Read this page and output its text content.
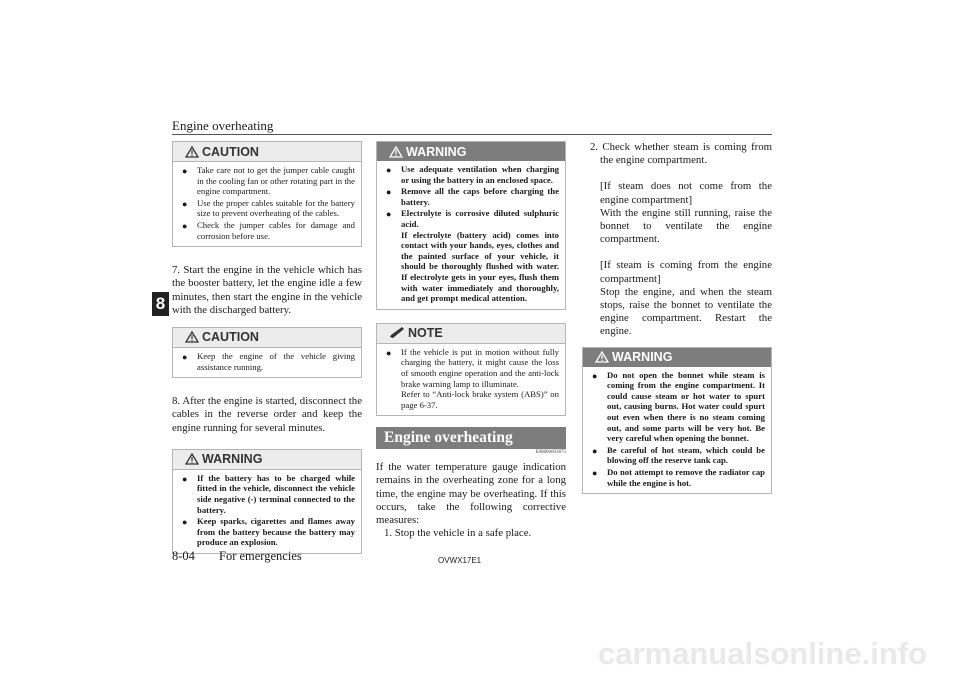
Engine overheating
8
CAUTION
● Take care not to get the jumper cable caught in the cooling fan or other rotating part in the engine compartment.
● Use the proper cables suitable for the battery size to prevent overheating of the cables.
● Check the jumper cables for damage and corrosion before use.
7. Start the engine in the vehicle which has the booster battery, let the engine idle a few minutes, then start the engine in the vehicle with the discharged battery.
CAUTION
● Keep the engine of the vehicle giving assistance running.
8. After the engine is started, disconnect the cables in the reverse order and keep the engine running for several minutes.
WARNING
● If the battery has to be charged while fitted in the vehicle, disconnect the vehicle side negative (-) terminal connected to the battery.
● Keep sparks, cigarettes and flames away from the battery because the battery may produce an explosion.
WARNING
● Use adequate ventilation when charging or using the battery in an enclosed space.
● Remove all the caps before charging the battery.
● Electrolyte is corrosive diluted sulphuric acid.
If electrolyte (battery acid) comes into contact with your hands, eyes, clothes and the painted surface of your vehicle, it should be thoroughly flushed with water. If electrolyte gets in your eyes, flush them with water immediately and thoroughly, and get prompt medical attention.
NOTE
● If the vehicle is put in motion without fully charging the battery, it might cause the loss of smooth engine operation and the anti-lock brake warning lamp to illuminate.
Refer to “Anti-lock brake system (ABS)” on page 6-37.
Engine overheating
E00800603875
If the water temperature gauge indication remains in the overheating zone for a long time, the engine may be overheating. If this occurs, take the following corrective measures:
1. Stop the vehicle in a safe place.
2. Check whether steam is coming from the engine compartment.
[If steam does not come from the engine compartment]
With the engine still running, raise the bonnet to ventilate the engine compartment.
[If steam is coming from the engine compartment]
Stop the engine, and when the steam stops, raise the bonnet to ventilate the engine compartment. Restart the engine.
WARNING
● Do not open the bonnet while steam is coming from the engine compartment. It could cause steam or hot water to spurt out, causing burns. Hot water could spurt out even when there is no steam coming out, and some parts will be very hot. Be very careful when opening the bonnet.
● Be careful of hot steam, which could be blowing off the reserve tank cap.
● Do not attempt to remove the radiator cap while the engine is hot.
8-04 For emergencies	OVWX17E1
carmanualsonline.info
